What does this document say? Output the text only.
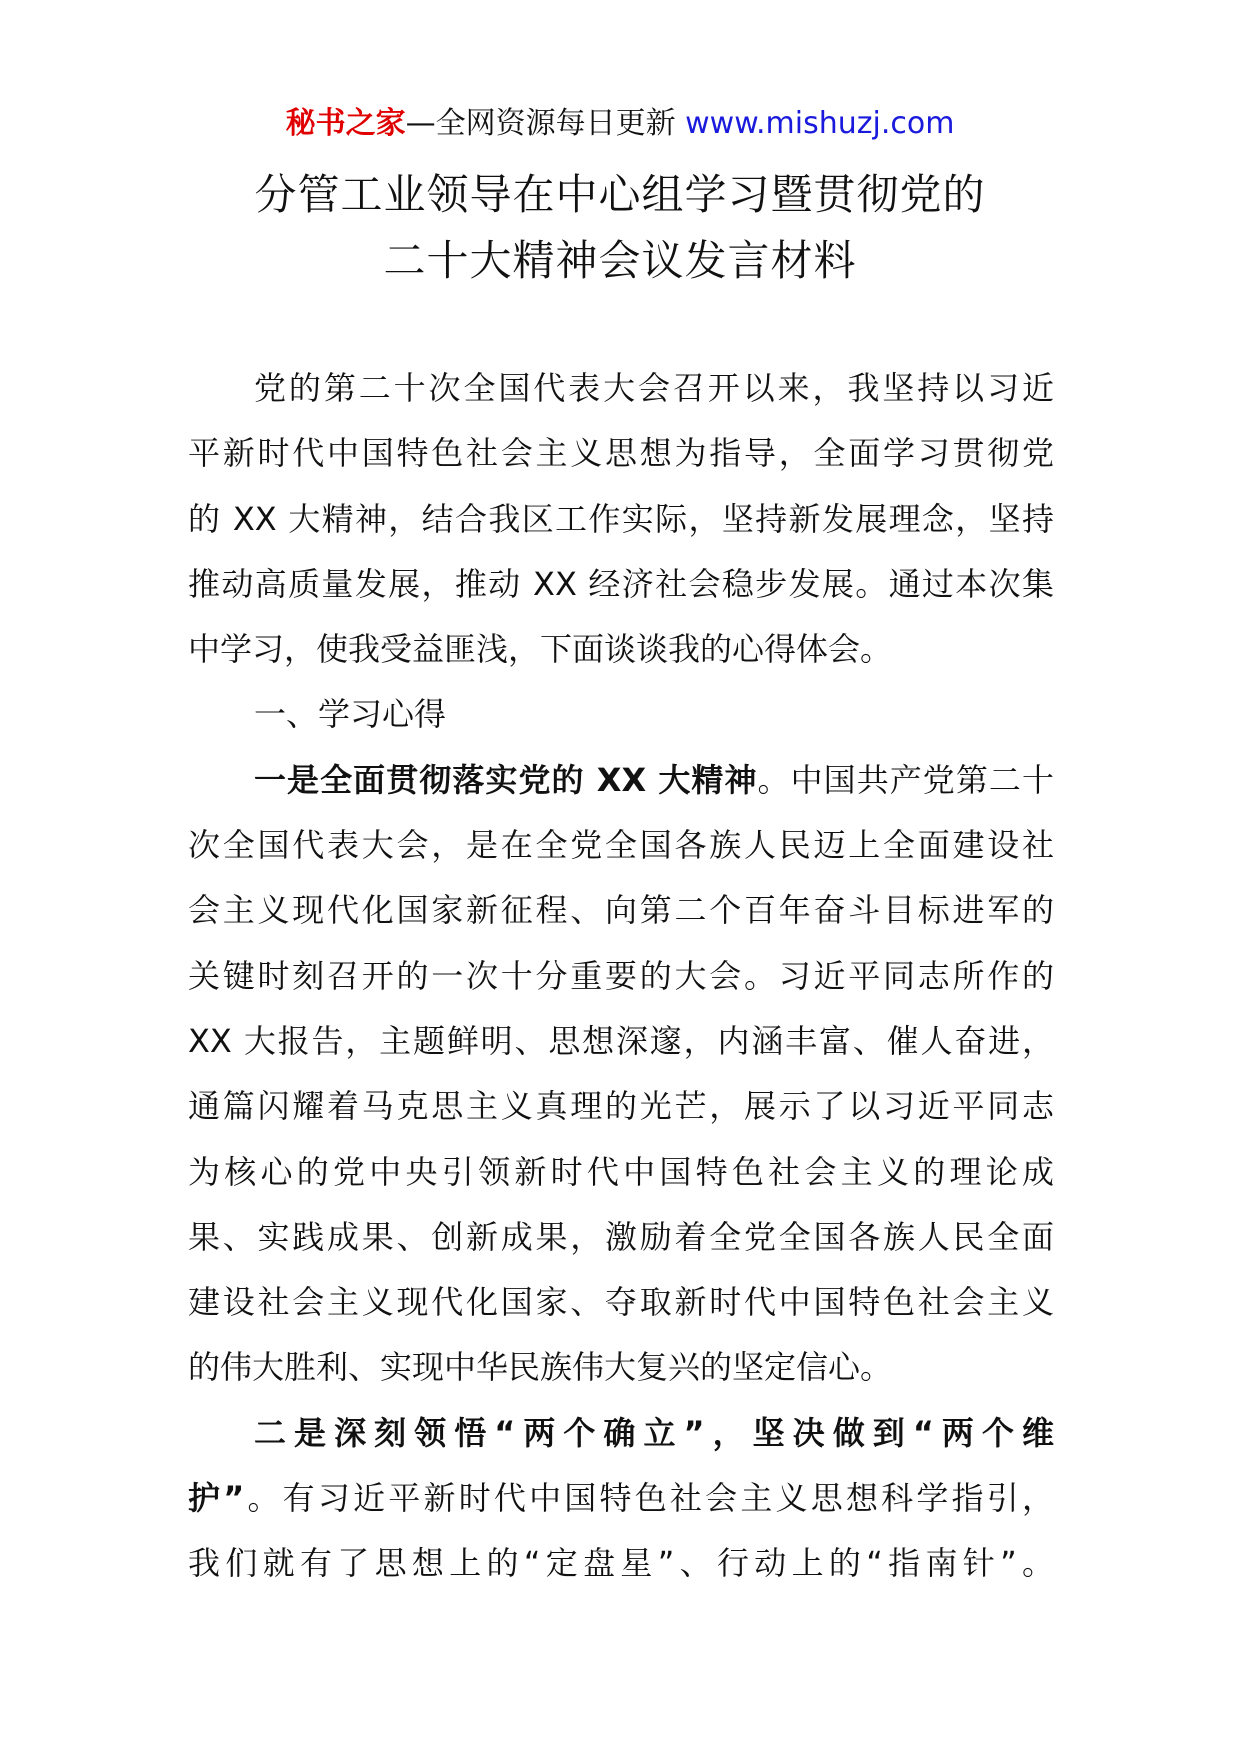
秘书之家—全网资源每日更新 www.mishuzj.com
分管工业领导在中心组学习暨贯彻党的
二十大精神会议发言材料
党的第二十次全国代表大会召开以来，我坚持以习近
平新时代中国特色社会主义思想为指导，全面学习贯彻党
的 XX 大精神，结合我区工作实际，坚持新发展理念，坚持
推动高质量发展，推动 XX 经济社会稳步发展。通过本次集
中学习，使我受益匪浅，下面谈谈我的心得体会。
一、学习心得
一是全面贯彻落实党的 XX 大精神。中国共产党第二十
次全国代表大会，是在全党全国各族人民迈上全面建设社
会主义现代化国家新征程、向第二个百年奋斗目标进军的
关键时刻召开的一次十分重要的大会。习近平同志所作的
XX 大报告，主题鲜明、思想深邃，内涵丰富、催人奋进，
通篇闪耀着马克思主义真理的光芒，展示了以习近平同志
为核心的党中央引领新时代中国特色社会主义的理论成
果、实践成果、创新成果，激励着全党全国各族人民全面
建设社会主义现代化国家、夺取新时代中国特色社会主义
的伟大胜利、实现中华民族伟大复兴的坚定信心。
二是深刻领悟“两个确立”，坚决做到“两个维
护”。有习近平新时代中国特色社会主义思想科学指引，
我们就有了思想上的“定盘星”、行动上的“指南针”。
